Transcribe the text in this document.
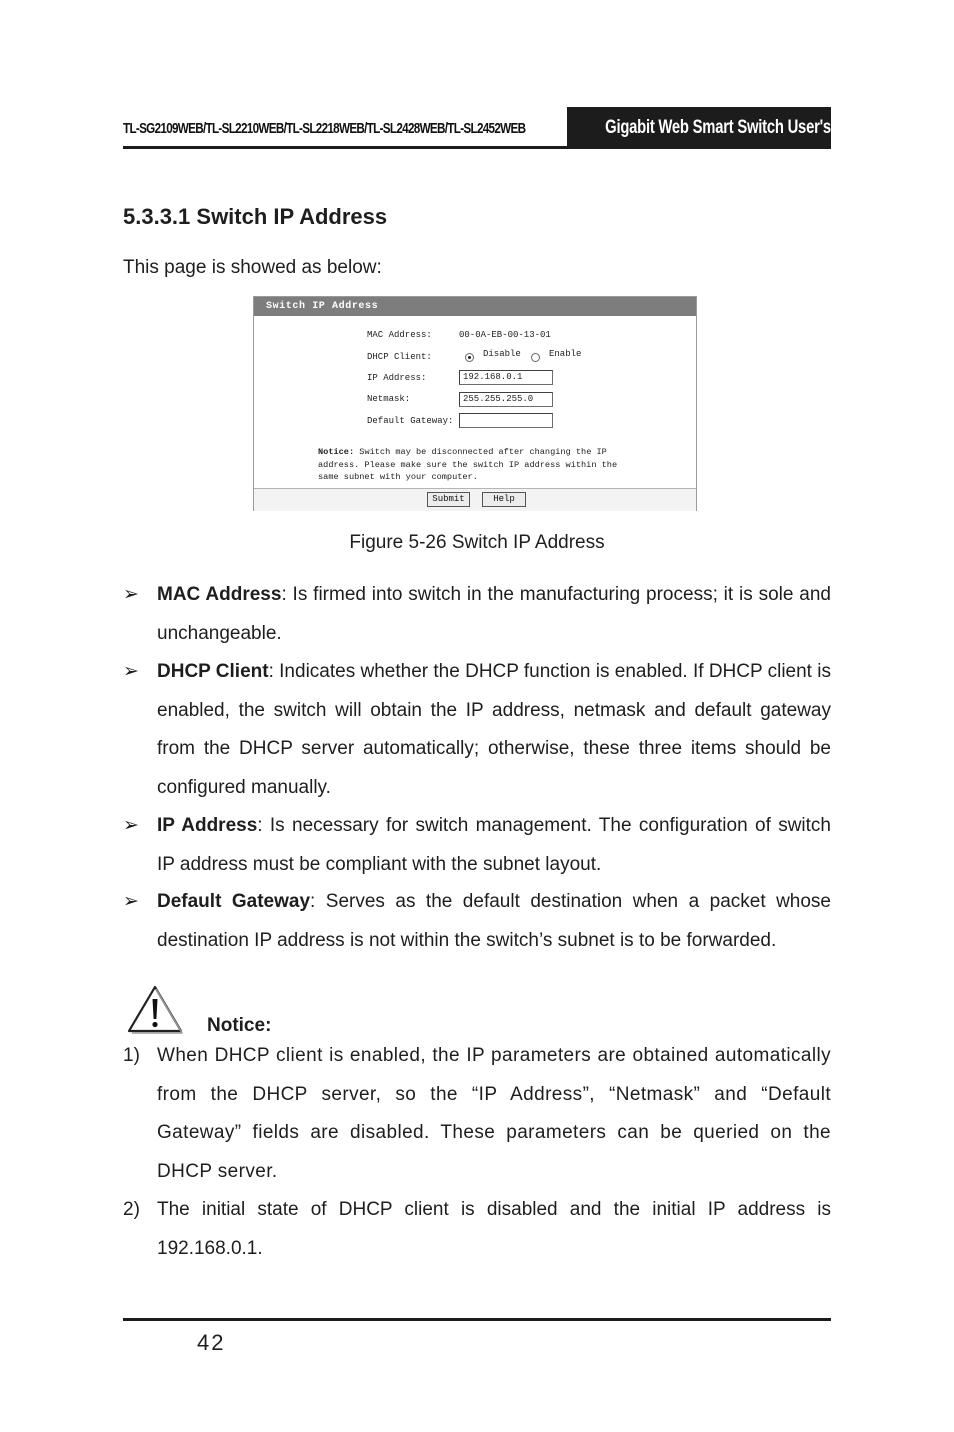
TL-SG2109WEB/TL-SL2210WEB/TL-SL2218WEB/TL-SL2428WEB/TL-SL2452WEB	Gigabit Web Smart Switch User's Guide
5.3.3.1 Switch IP Address
This page is showed as below:
Switch IP Address
MAC Address:	00-0A-EB-00-13-01
DHCP Client:	Disable	Enable
IP Address:	192.168.0.1
Netmask:	255.255.255.0
Default Gateway:
Notice: Switch may be disconnected after changing the IP
address. Please make sure the switch IP address within the
same subnet with your computer.
Submit	Help
Figure 5-26 Switch IP Address
➢ MAC Address: Is firmed into switch in the manufacturing process; it is sole and unchangeable.
➢ DHCP Client: Indicates whether the DHCP function is enabled. If DHCP client is enabled, the switch will obtain the IP address, netmask and default gateway from the DHCP server automatically; otherwise, these three items should be configured manually.
➢ IP Address: Is necessary for switch management. The configuration of switch IP address must be compliant with the subnet layout.
➢ Default Gateway: Serves as the default destination when a packet whose destination IP address is not within the switch’s subnet is to be forwarded.
Notice:
1) When DHCP client is enabled, the IP parameters are obtained automatically from the DHCP server, so the “IP Address”, “Netmask” and “Default Gateway” fields are disabled. These parameters can be queried on the DHCP server.
2) The initial state of DHCP client is disabled and the initial IP address is 192.168.0.1.
42
